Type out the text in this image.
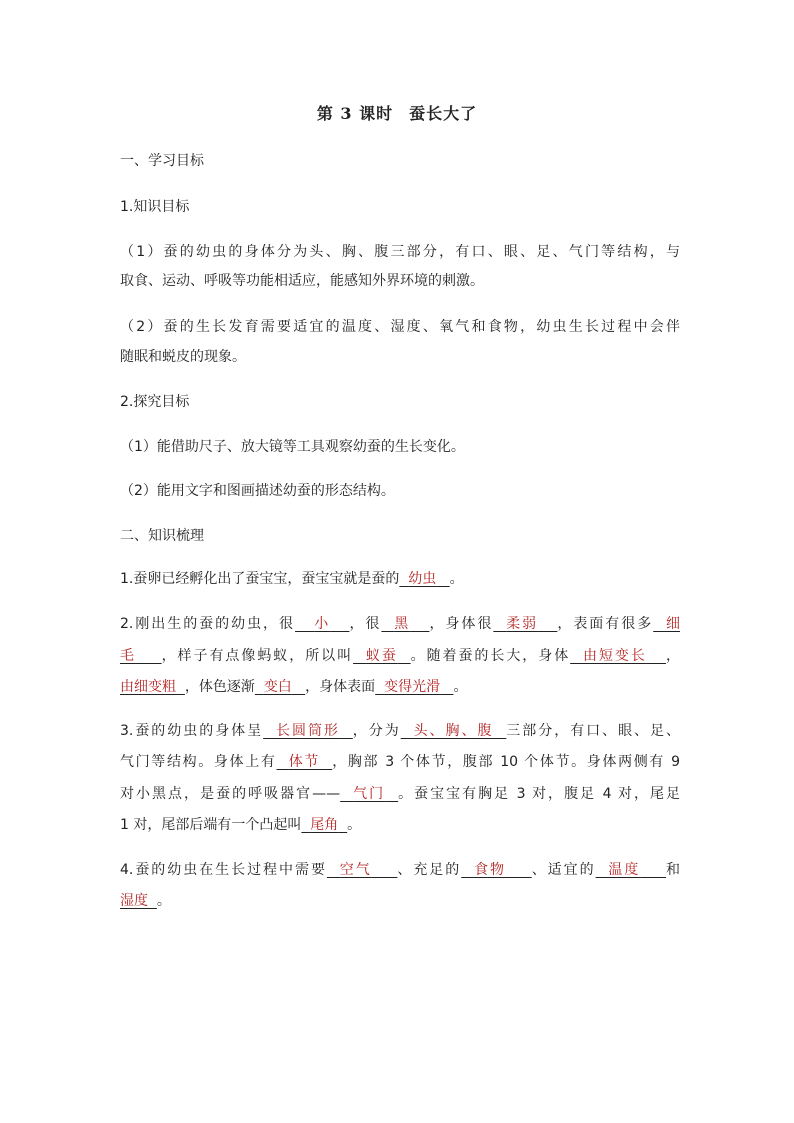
第 3 课时 蚕长大了
一、学习目标
1.知识目标
（1）蚕的幼虫的身体分为头、胸、腹三部分，有口、眼、足、气门等结构，与
取食、运动、呼吸等功能相适应，能感知外界环境的刺激。
（2）蚕的生长发育需要适宜的温度、湿度、氧气和食物，幼虫生长过程中会伴
随眠和蜕皮的现象。
2.探究目标
（1）能借助尺子、放大镜等工具观察幼蚕的生长变化。
（2）能用文字和图画描述幼蚕的形态结构。
二、知识梳理
1.蚕卵已经孵化出了蚕宝宝，蚕宝宝就是蚕的 幼虫 。
2.刚出生的蚕的幼虫，很 小 ，很 黑 ，身体很 柔弱 ，表面有很多 细
毛 ，样子有点像蚂蚁，所以叫 蚁蚕 。随着蚕的长大，身体 由短变长 ，
由细变粗 ，体色逐渐 变白 ，身体表面 变得光滑 。
3.蚕的幼虫的身体呈 长圆筒形 ，分为 头、胸、腹 三部分，有口、眼、足、
气门等结构。身体上有 体节 ，胸部 3 个体节，腹部 10 个体节。身体两侧有 9
对小黑点，是蚕的呼吸器官—— 气门 。蚕宝宝有胸足 3 对，腹足 4 对，尾足
1 对，尾部后端有一个凸起叫 尾角 。
4.蚕的幼虫在生长过程中需要 空气 、充足的 食物 、适宜的 温度 和
湿度 。
